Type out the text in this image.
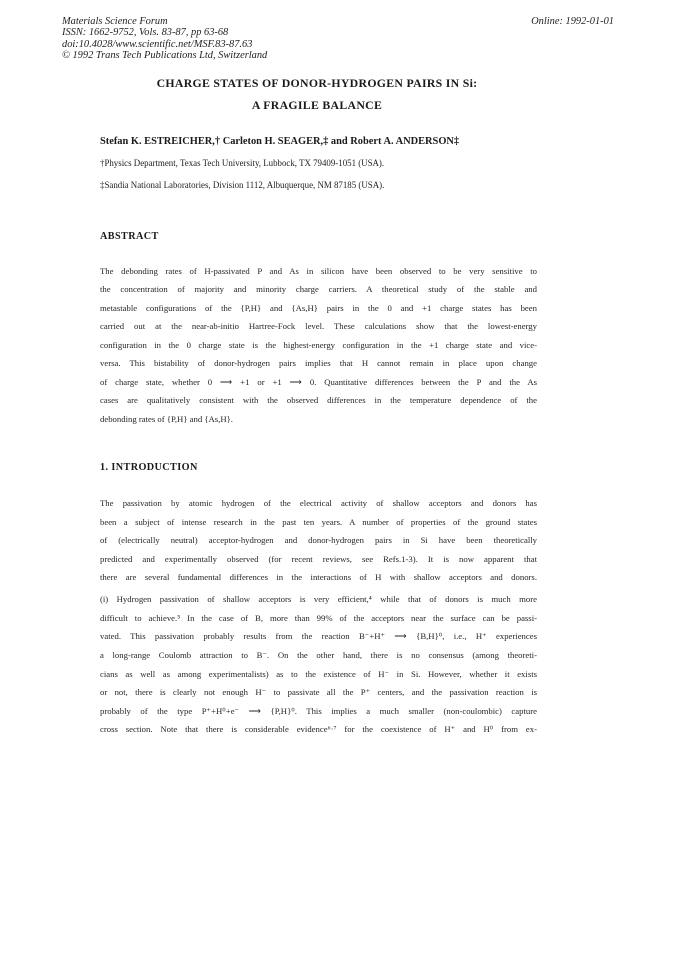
Materials Science Forum
ISSN: 1662-9752, Vols. 83-87, pp 63-68
doi:10.4028/www.scientific.net/MSF.83-87.63
© 1992 Trans Tech Publications Ltd, Switzerland
Online: 1992-01-01
CHARGE STATES OF DONOR-HYDROGEN PAIRS IN Si:
A FRAGILE BALANCE
Stefan K. ESTREICHER,† Carleton H. SEAGER,‡ and Robert A. ANDERSON‡
†Physics Department, Texas Tech University, Lubbock, TX 79409-1051 (USA).
‡Sandia National Laboratories, Division 1112, Albuquerque, NM 87185 (USA).
ABSTRACT
The debonding rates of H-passivated P and As in silicon have been observed to be very sensitive to
the concentration of majority and minority charge carriers. A theoretical study of the stable and
metastable configurations of the {P,H} and {As,H} pairs in the 0 and +1 charge states has been
carried out at the near-ab-initio Hartree-Fock level. These calculations show that the lowest-energy
configuration in the 0 charge state is the highest-energy configuration in the +1 charge state and vice-
versa. This bistability of donor-hydrogen pairs implies that H cannot remain in place upon change
of charge state, whether 0 ⟶ +1 or +1 ⟶ 0. Quantitative differences between the P and the As
cases are qualitatively consistent with the observed differences in the temperature dependence of the
debonding rates of {P,H} and {As,H}.
1. INTRODUCTION
The passivation by atomic hydrogen of the electrical activity of shallow acceptors and donors has
been a subject of intense research in the past ten years. A number of properties of the ground states
of (electrically neutral) acceptor-hydrogen and donor-hydrogen pairs in Si have been theoretically
predicted and experimentally observed (for recent reviews, see Refs.1-3). It is now apparent that
there are several fundamental differences in the interactions of H with shallow acceptors and donors.
(i) Hydrogen passivation of shallow acceptors is very efficient,⁴ while that of donors is much more
difficult to achieve.⁵ In the case of B, more than 99% of the acceptors near the surface can be passi-
vated. This passivation probably results from the reaction B⁻+H⁺ ⟶ {B,H}⁰, i.e., H⁺ experiences
a long-range Coulomb attraction to B⁻. On the other hand, there is no consensus (among theoreti-
cians as well as among experimentalists) as to the existence of H⁻ in Si. However, whether it exists
or not, there is clearly not enough H⁻ to passivate all the P⁺ centers, and the passivation reaction is
probably of the type P⁺+H⁰+e⁻ ⟶ {P,H}⁰. This implies a much smaller (non-coulombic) capture
cross section. Note that there is considerable evidence⁶·⁷ for the coexistence of H⁺ and H⁰ from ex-
